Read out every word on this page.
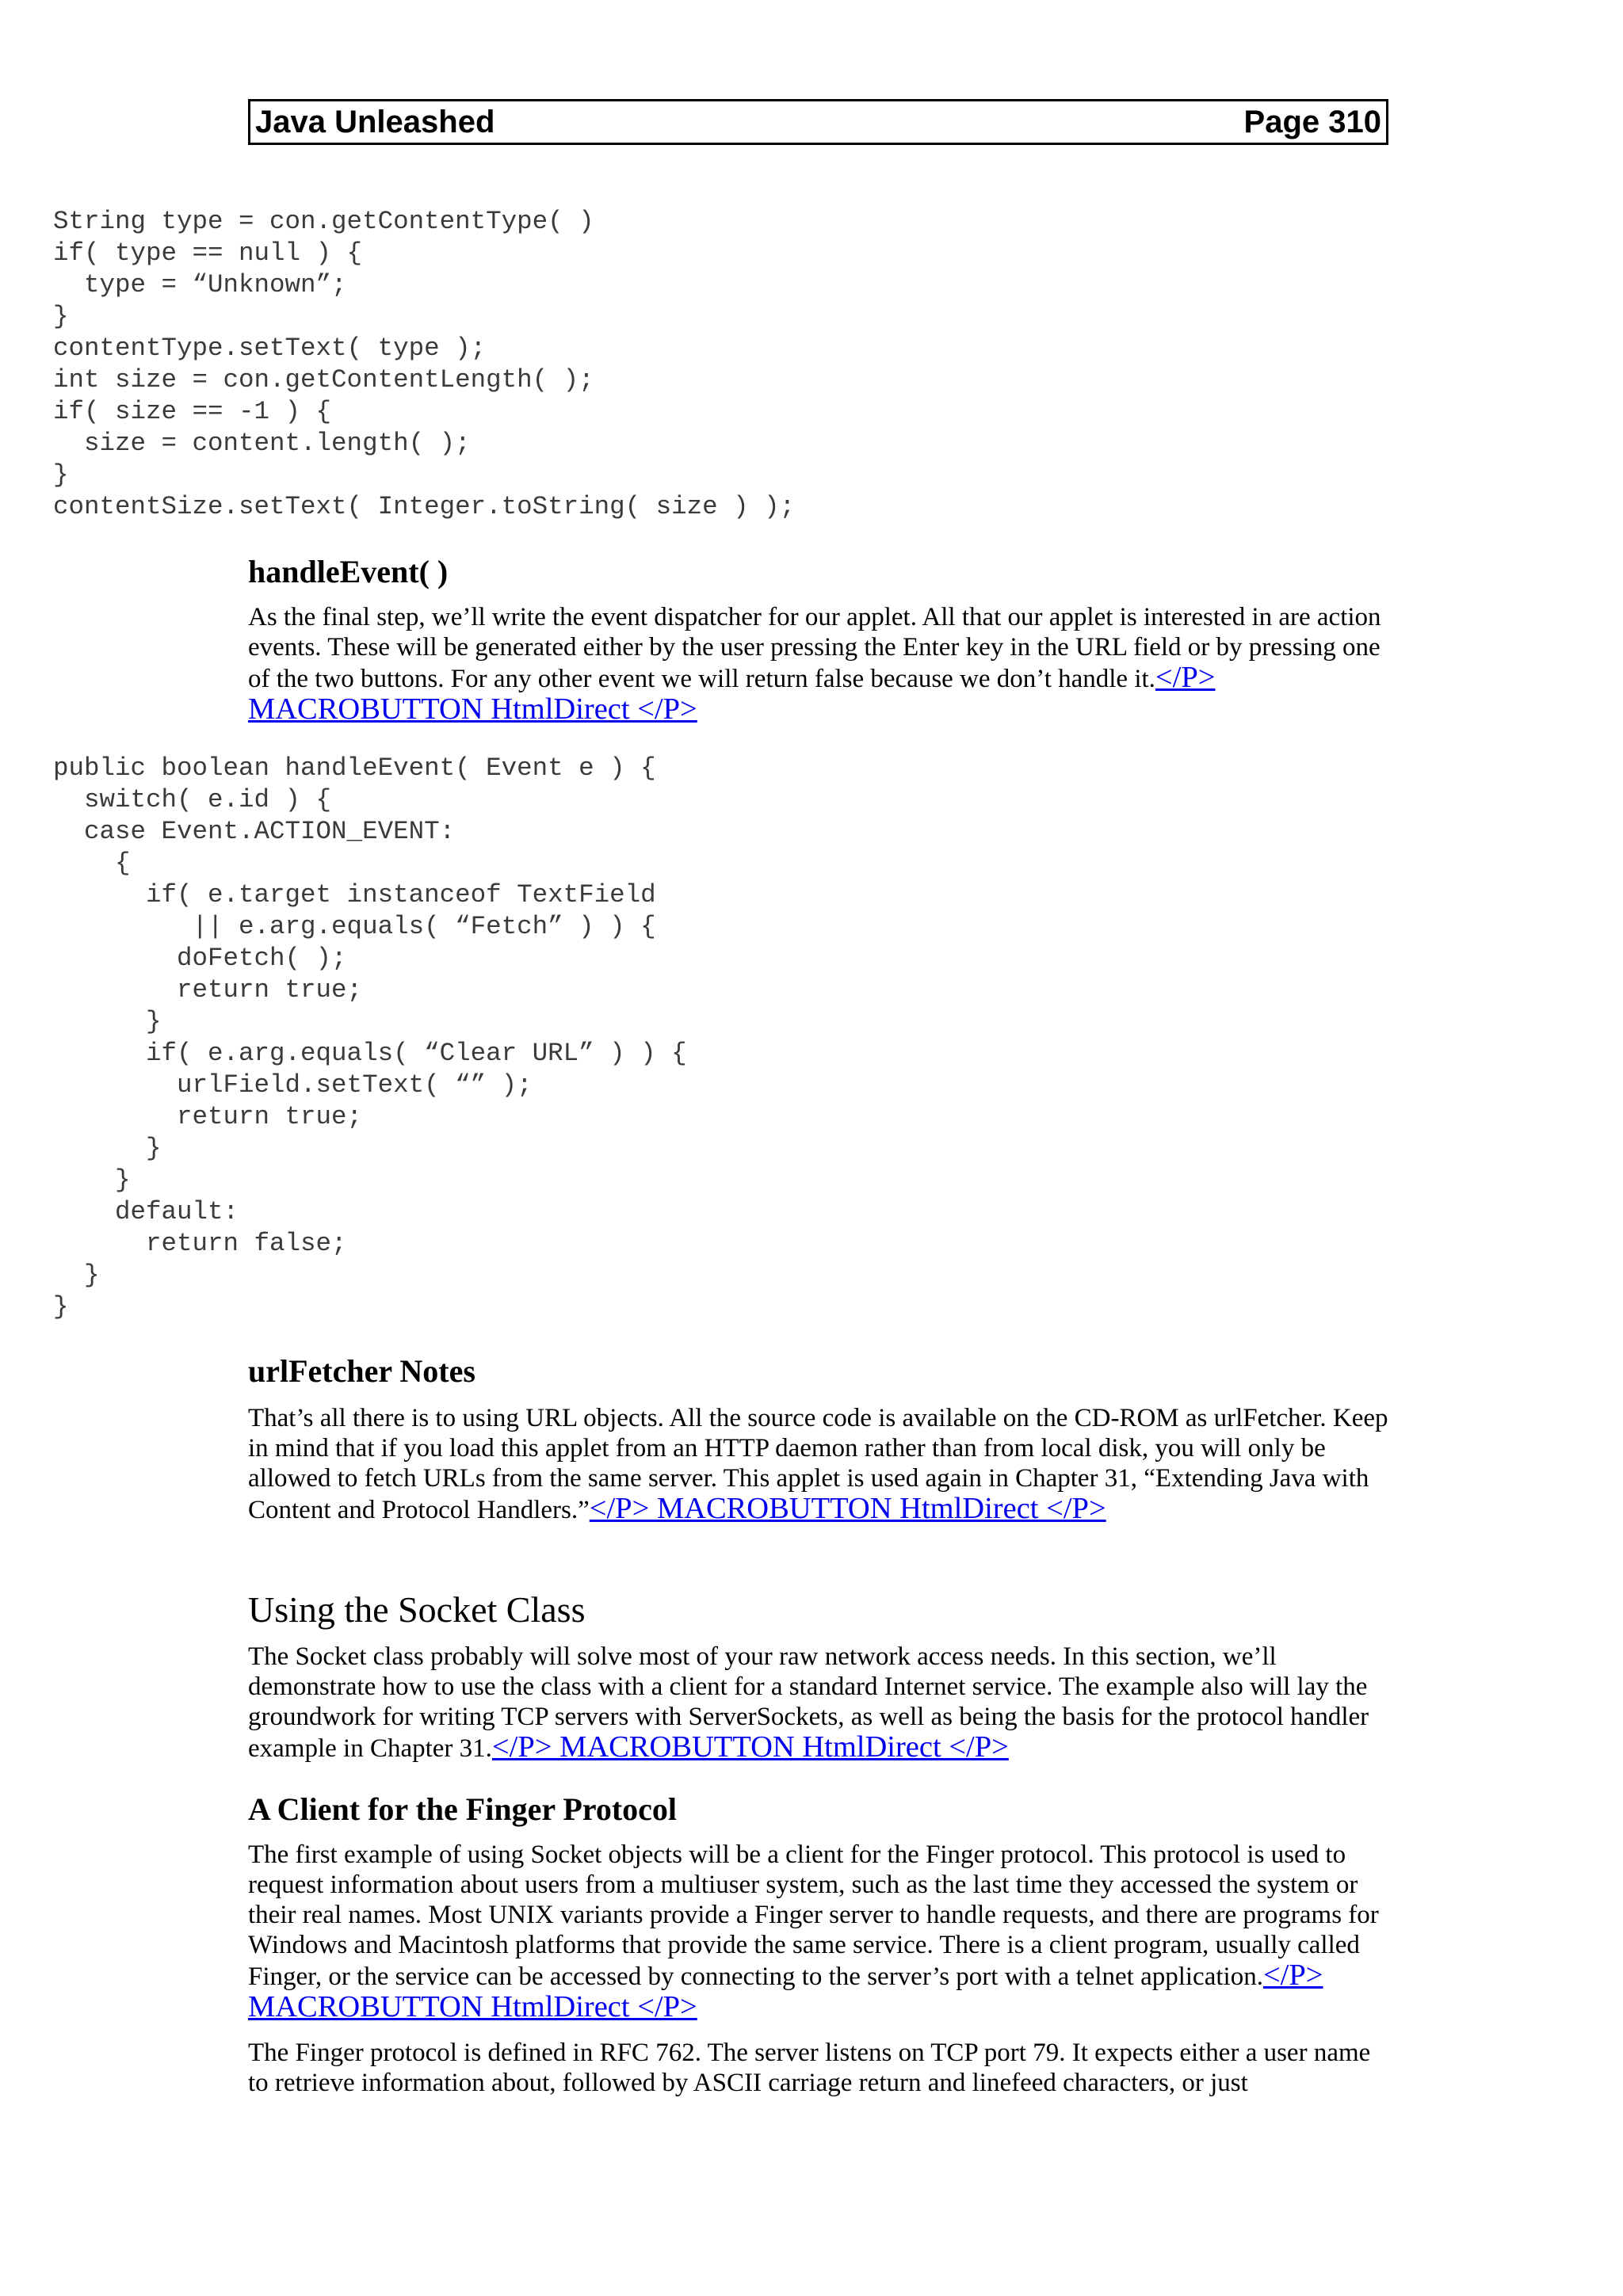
Java Unleashed	Page 310
String type = con.getContentType( )
if( type == null ) {
type = “Unknown”;
}
contentType.setText( type );
int size = con.getContentLength( );
if( size == -1 ) {
size = content.length( );
}
contentSize.setText( Integer.toString( size ) );
handleEvent( )
As the final step, we’ll write the event dispatcher for our applet. All that our applet is interested in are action events. These will be generated either by the user pressing the Enter key in the URL field or by pressing one of the two buttons. For any other event we will return false because we don’t handle it.</P> MACROBUTTON HtmlDirect </P>
public boolean handleEvent( Event e ) {
switch( e.id ) {
case Event.ACTION_EVENT:
{
if( e.target instanceof TextField
|| e.arg.equals( “Fetch” ) ) {
doFetch( );
return true;
}
if( e.arg.equals( “Clear URL” ) ) {
urlField.setText( “” );
return true;
}
}
default:
return false;
}
}
urlFetcher Notes
That’s all there is to using URL objects. All the source code is available on the CD-ROM as urlFetcher. Keep in mind that if you load this applet from an HTTP daemon rather than from local disk, you will only be allowed to fetch URLs from the same server. This applet is used again in Chapter 31, “Extending Java with Content and Protocol Handlers.”</P> MACROBUTTON HtmlDirect </P>
Using the Socket Class
The Socket class probably will solve most of your raw network access needs. In this section, we’ll demonstrate how to use the class with a client for a standard Internet service. The example also will lay the groundwork for writing TCP servers with ServerSockets, as well as being the basis for the protocol handler example in Chapter 31.</P> MACROBUTTON HtmlDirect </P>
A Client for the Finger Protocol
The first example of using Socket objects will be a client for the Finger protocol. This protocol is used to request information about users from a multiuser system, such as the last time they accessed the system or their real names. Most UNIX variants provide a Finger server to handle requests, and there are programs for Windows and Macintosh platforms that provide the same service. There is a client program, usually called Finger, or the service can be accessed by connecting to the server’s port with a telnet application.</P> MACROBUTTON HtmlDirect </P>
The Finger protocol is defined in RFC 762. The server listens on TCP port 79. It expects either a user name to retrieve information about, followed by ASCII carriage return and linefeed characters, or just
